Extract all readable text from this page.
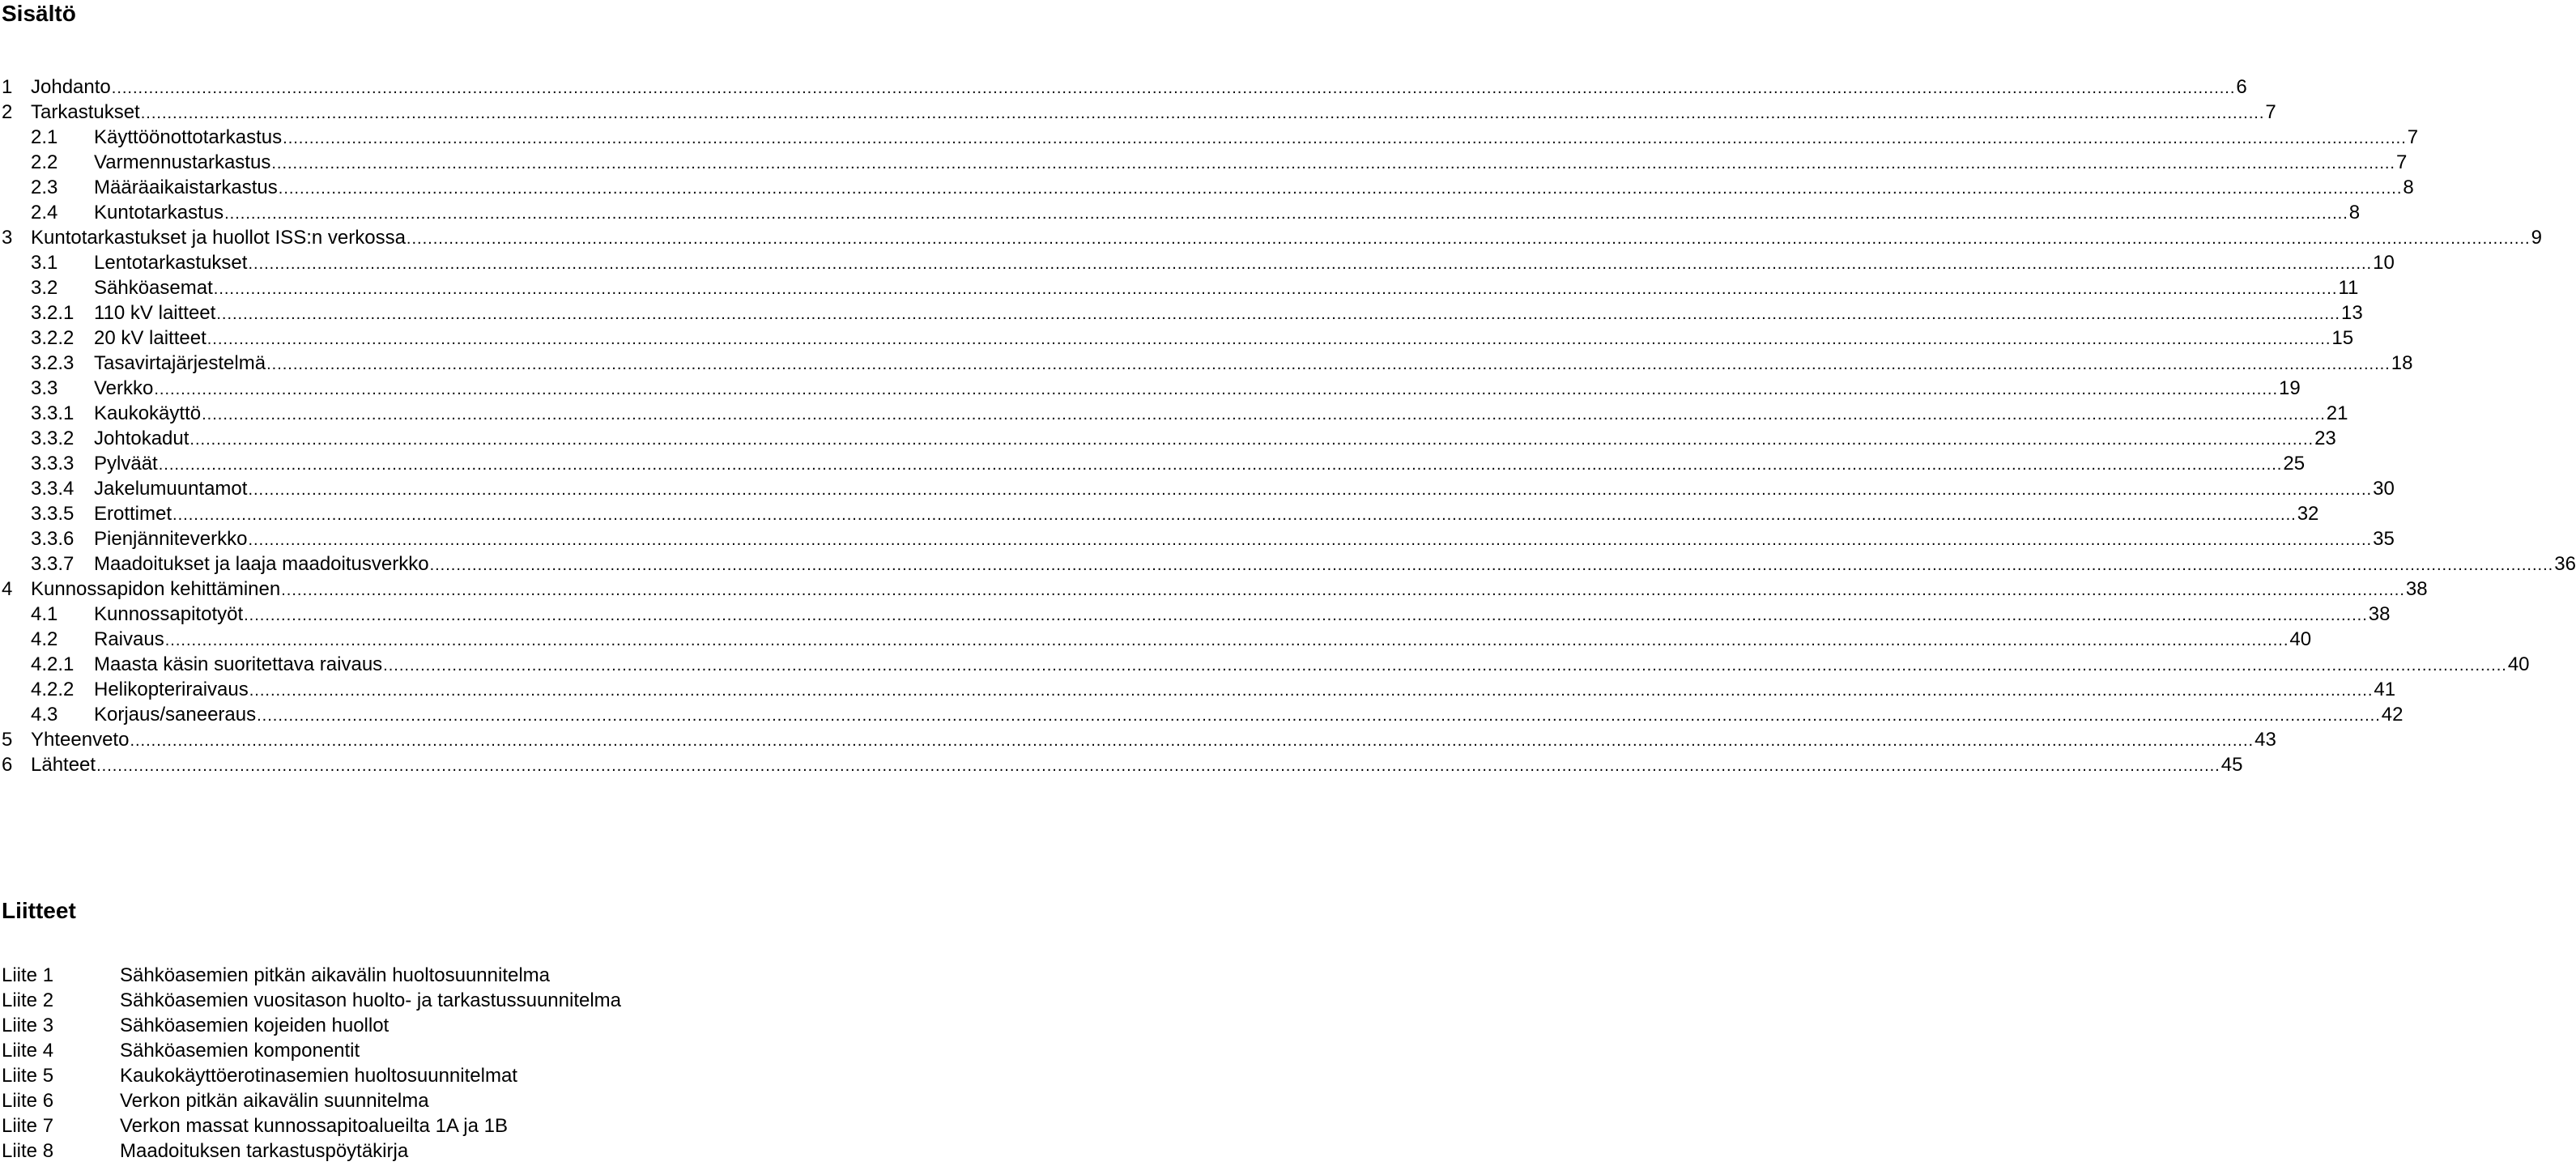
Sisältö
1 Johdanto ................................................................................................................................................................................................................................................................................................................................................................................................................ 6
2 Tarkastukset ................................................................................................................................................................................................................................................................................................................................................................................................................ 7
2.1 Käyttöönottotarkastus ................................................................................................................................................................................................................................................................................................................................................................................................................ 7
2.2 Varmennustarkastus ................................................................................................................................................................................................................................................................................................................................................................................................................ 7
2.3 Määräaikaistarkastus ................................................................................................................................................................................................................................................................................................................................................................................................................ 8
2.4 Kuntotarkastus ................................................................................................................................................................................................................................................................................................................................................................................................................ 8
3 Kuntotarkastukset ja huollot ISS:n verkossa ................................................................................................................................................................................................................................................................................................................................................................................................................ 9
3.1 Lentotarkastukset ................................................................................................................................................................................................................................................................................................................................................................................................................ 10
3.2 Sähköasemat ................................................................................................................................................................................................................................................................................................................................................................................................................ 11
3.2.1 110 kV laitteet ................................................................................................................................................................................................................................................................................................................................................................................................................ 13
3.2.2 20 kV laitteet ................................................................................................................................................................................................................................................................................................................................................................................................................ 15
3.2.3 Tasavirtajärjestelmä ................................................................................................................................................................................................................................................................................................................................................................................................................ 18
3.3 Verkko ................................................................................................................................................................................................................................................................................................................................................................................................................ 19
3.3.1 Kaukokäyttö ................................................................................................................................................................................................................................................................................................................................................................................................................ 21
3.3.2 Johtokadut ................................................................................................................................................................................................................................................................................................................................................................................................................ 23
3.3.3 Pylväät ................................................................................................................................................................................................................................................................................................................................................................................................................ 25
3.3.4 Jakelumuuntamot ................................................................................................................................................................................................................................................................................................................................................................................................................ 30
3.3.5 Erottimet ................................................................................................................................................................................................................................................................................................................................................................................................................ 32
3.3.6 Pienjänniteverkko ................................................................................................................................................................................................................................................................................................................................................................................................................ 35
3.3.7 Maadoitukset ja laaja maadoitusverkko ................................................................................................................................................................................................................................................................................................................................................................................................................ 36
4 Kunnossapidon kehittäminen ................................................................................................................................................................................................................................................................................................................................................................................................................ 38
4.1 Kunnossapitotyöt ................................................................................................................................................................................................................................................................................................................................................................................................................ 38
4.2 Raivaus ................................................................................................................................................................................................................................................................................................................................................................................................................ 40
4.2.1 Maasta käsin suoritettava raivaus ................................................................................................................................................................................................................................................................................................................................................................................................................ 40
4.2.2 Helikopteriraivaus ................................................................................................................................................................................................................................................................................................................................................................................................................ 41
4.3 Korjaus/saneeraus ................................................................................................................................................................................................................................................................................................................................................................................................................ 42
5 Yhteenveto ................................................................................................................................................................................................................................................................................................................................................................................................................ 43
6 Lähteet ................................................................................................................................................................................................................................................................................................................................................................................................................ 45
Liitteet
Liite 1	Sähköasemien pitkän aikavälin huoltosuunnitelma
Liite 2	Sähköasemien vuositason huolto- ja tarkastussuunnitelma
Liite 3	Sähköasemien kojeiden huollot
Liite 4	Sähköasemien komponentit
Liite 5	Kaukokäyttöerotinasemien huoltosuunnitelmat
Liite 6	Verkon pitkän aikavälin suunnitelma
Liite 7	Verkon massat kunnossapitoalueilta 1A ja 1B
Liite 8	Maadoituksen tarkastuspöytäkirja
